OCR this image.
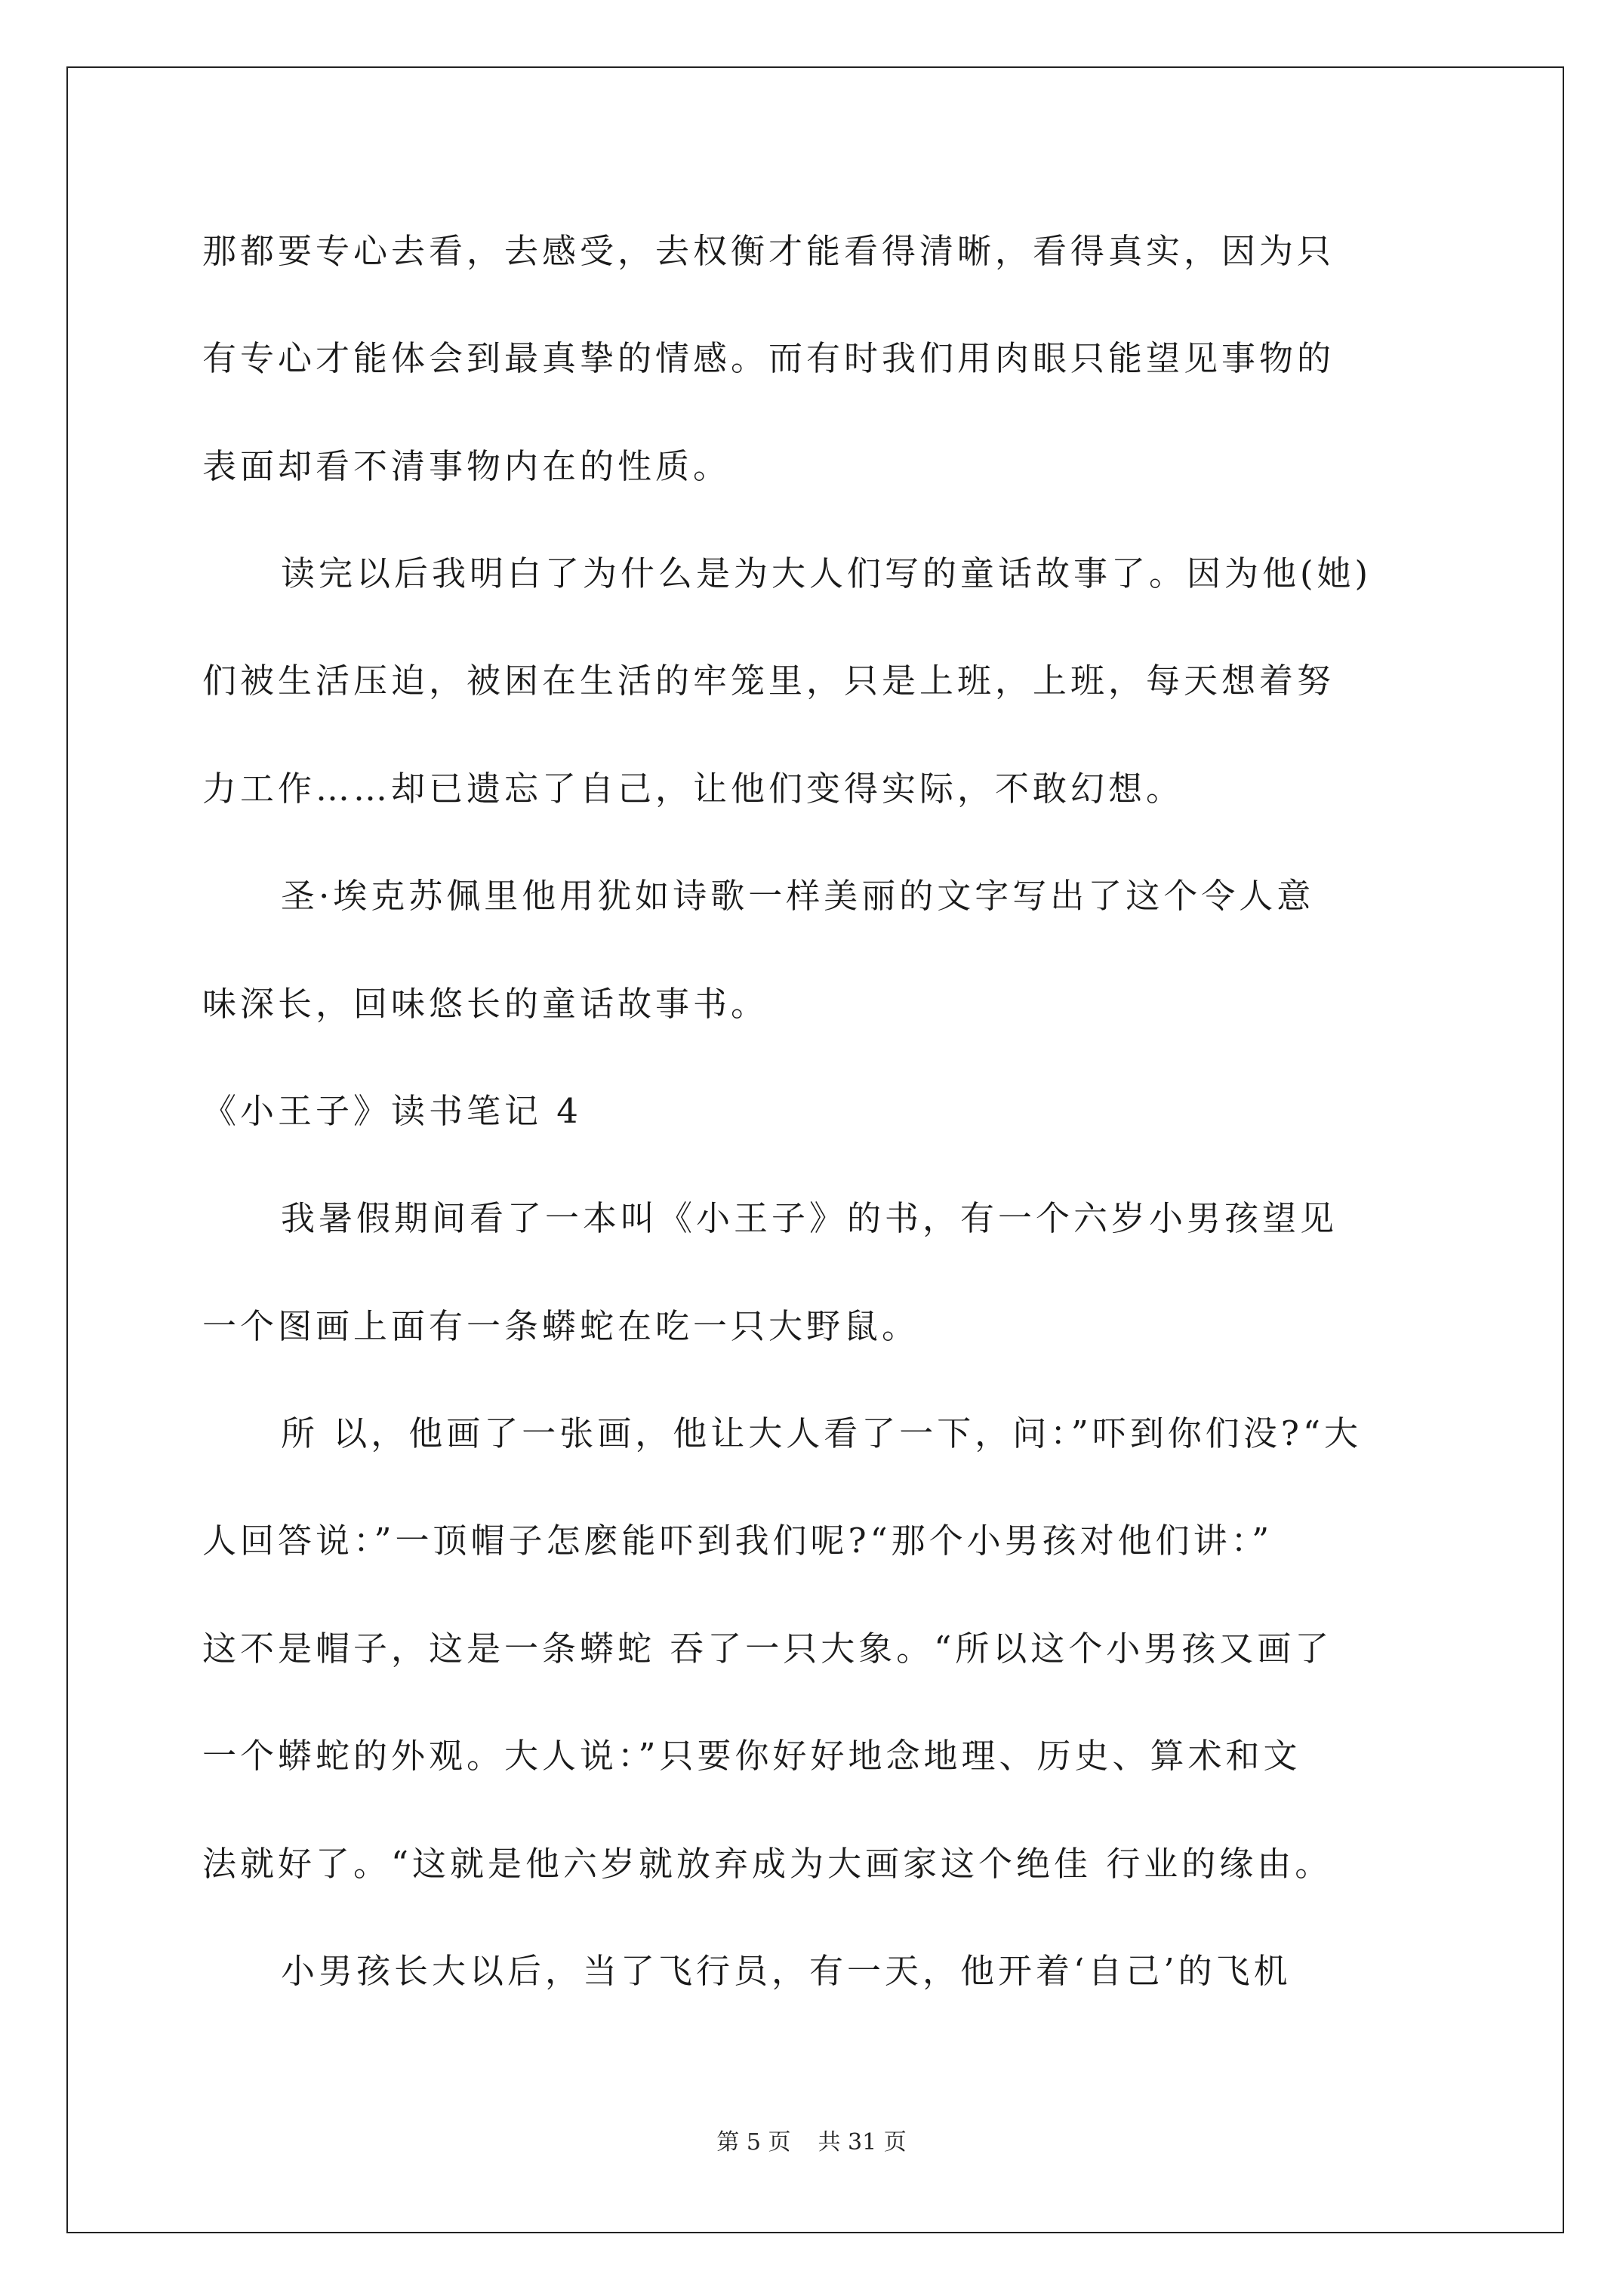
那都要专心去看，去感受，去权衡才能看得清晰，看得真实，因为只
有专心才能体会到最真挚的情感。而有时我们用肉眼只能望见事物的
表面却看不清事物内在的性质。
读完以后我明白了为什么是为大人们写的童话故事了。因为他(她)
们被生活压迫，被困在生活的牢笼里，只是上班，上班，每天想着努
力工作……却已遗忘了自己，让他们变得实际，不敢幻想。
圣·埃克苏佩里他用犹如诗歌一样美丽的文字写出了这个令人意
味深长，回味悠长的童话故事书。
《小王子》读书笔记 4
我暑假期间看了一本叫《小王子》的书，有一个六岁小男孩望见
一个图画上面有一条蟒蛇在吃一只大野鼠。
所 以，他画了一张画，他让大人看了一下，问：”吓到你们没?“大
人回答说：”一顶帽子怎麽能吓到我们呢?“那个小男孩对他们讲：”
这不是帽子，这是一条蟒蛇 吞了一只大象。“所以这个小男孩又画了
一个蟒蛇的外观。大人说：”只要你好好地念地理、历史、算术和文
法就好了。“这就是他六岁就放弃成为大画家这个绝佳 行业的缘由。
小男孩长大以后，当了飞行员，有一天，他开着‘自己’的飞机
第 5 页 共 31 页
